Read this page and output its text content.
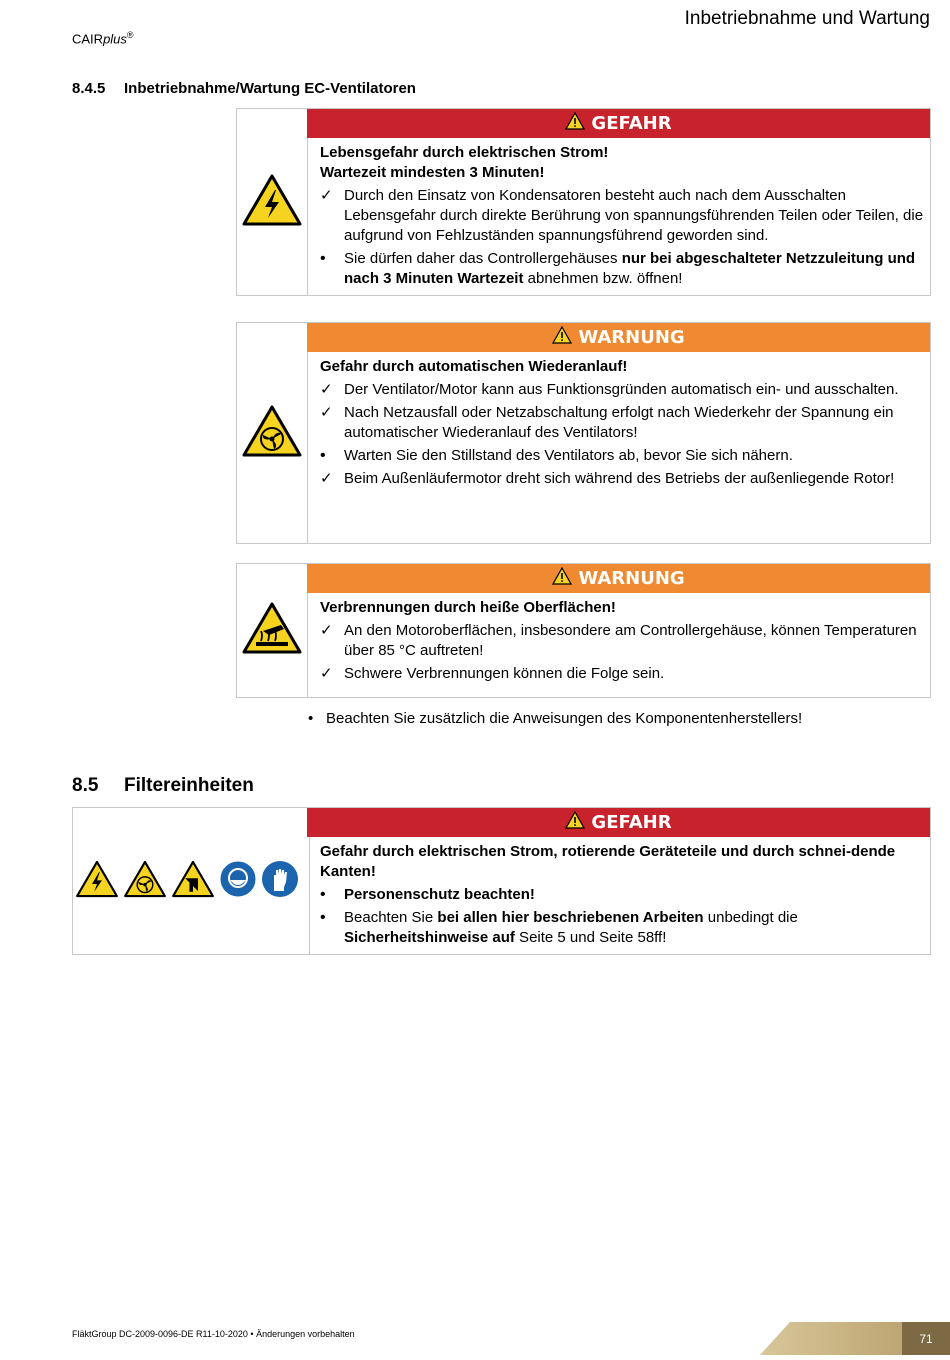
CAIRplus®
Inbetriebnahme und Wartung
8.4.5 Inbetriebnahme/Wartung EC-Ventilatoren
GEFAHR
Lebensgefahr durch elektrischen Strom!
Wartezeit mindesten 3 Minuten!
✓ Durch den Einsatz von Kondensatoren besteht auch nach dem Ausschalten Lebensgefahr durch direkte Berührung von spannungsführenden Teilen oder Teilen, die aufgrund von Fehlzuständen spannungsführend geworden sind.
•	Sie dürfen daher das Controllergehäuses nur bei abgeschalteter Netzzuleitung und nach 3 Minuten Wartezeit abnehmen bzw. öffnen!
WARNUNG
Gefahr durch automatischen Wiederanlauf!
✓ Der Ventilator/Motor kann aus Funktionsgründen automatisch ein- und ausschalten.
✓ Nach Netzausfall oder Netzabschaltung erfolgt nach Wiederkehr der Spannung ein automatischer Wiederanlauf des Ventilators!
•	Warten Sie den Stillstand des Ventilators ab, bevor Sie sich nähern.
✓ Beim Außenläufermotor dreht sich während des Betriebs der außenliegende Rotor!
WARNUNG
Verbrennungen durch heiße Oberflächen!
✓ An den Motoroberflächen, insbesondere am Controllergehäuse, können Temperaturen über 85 °C auftreten!
✓ Schwere Verbrennungen können die Folge sein.
• Beachten Sie zusätzlich die Anweisungen des Komponentenherstellers!
8.5 Filtereinheiten
GEFAHR
Gefahr durch elektrischen Strom, rotierende Geräteteile und durch schnei-dende Kanten!
•	Personenschutz beachten!
•	Beachten Sie bei allen hier beschriebenen Arbeiten unbedingt die Sicherheitshinweise auf Seite 5 und Seite 58ff!
FläktGroup DC-2009-0096-DE R11-10-2020 • Änderungen vorbehalten	71
